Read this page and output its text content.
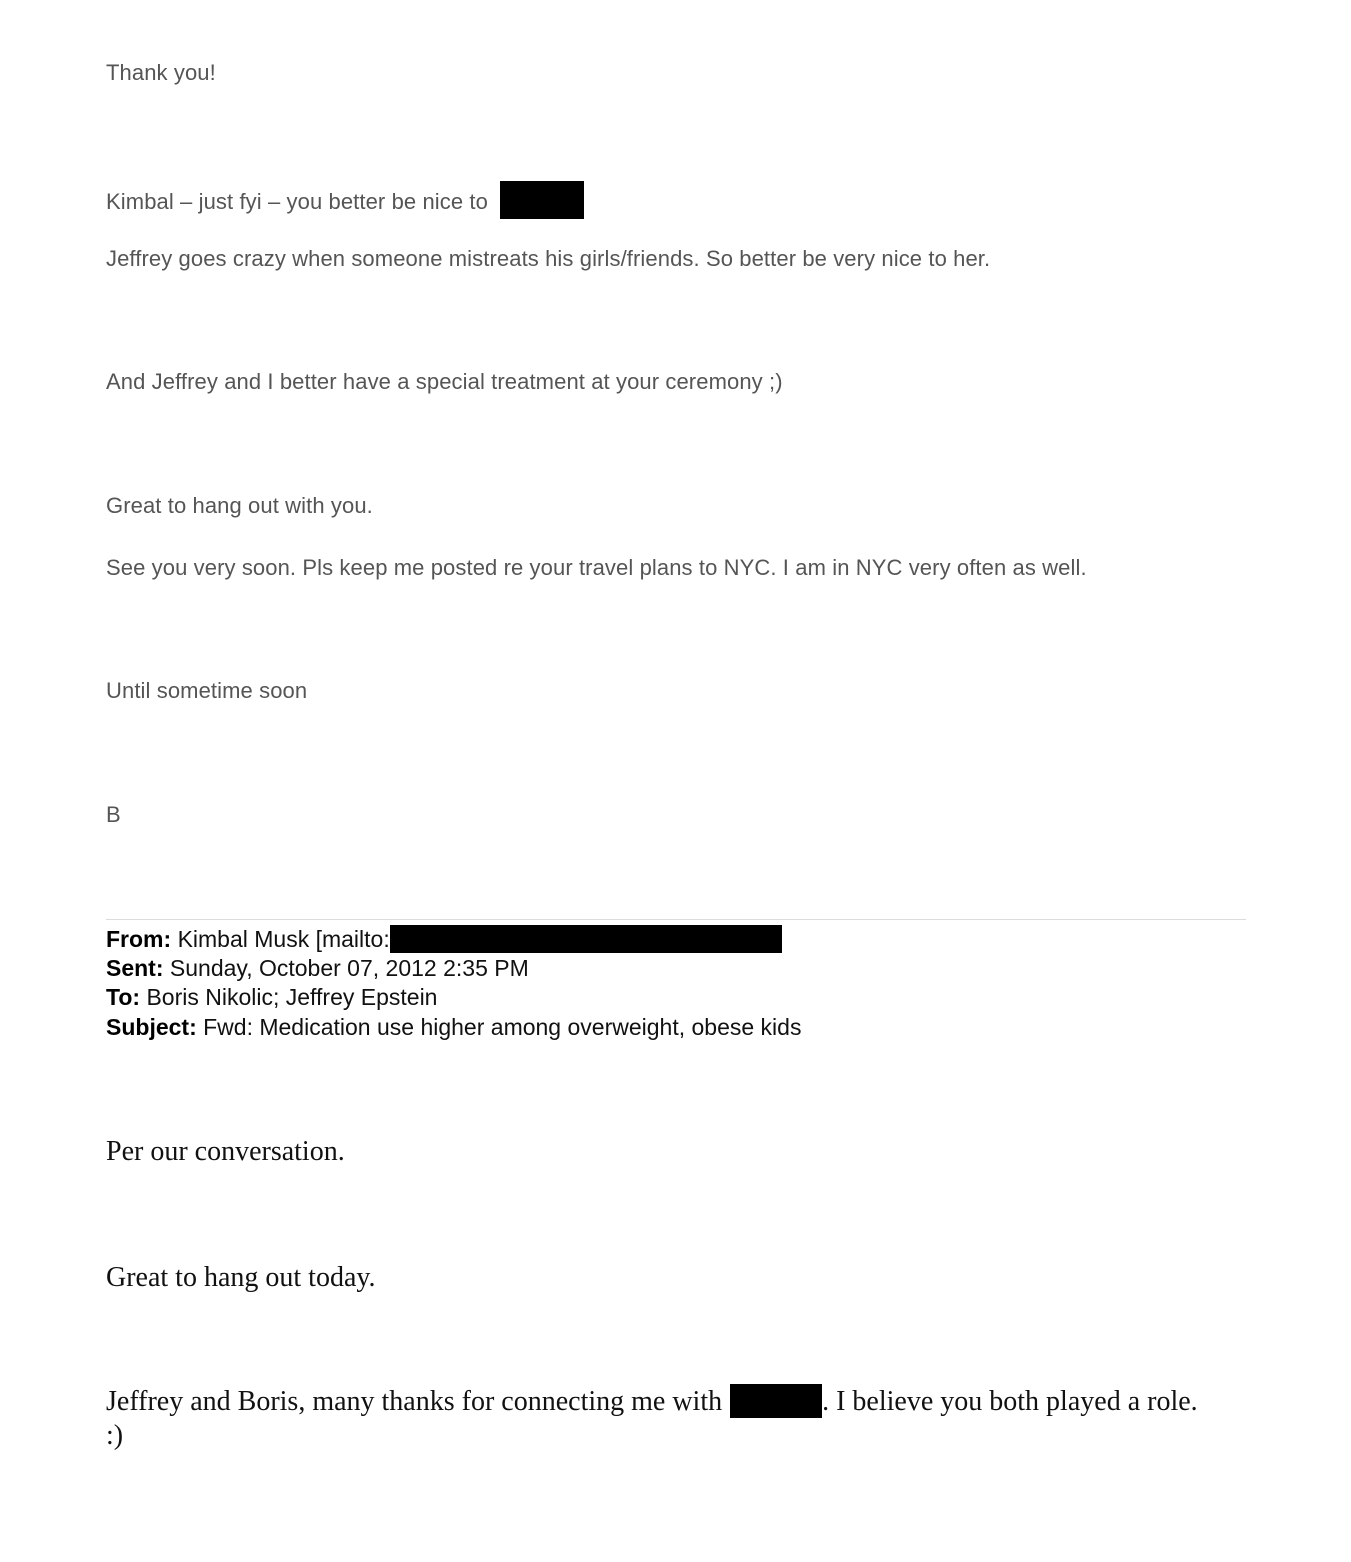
Thank you!
Kimbal – just fyi – you better be nice to
Jeffrey goes crazy when someone mistreats his girls/friends. So better be very nice to her.
And Jeffrey and I better have a special treatment at your ceremony ;)
Great to hang out with you.
See you very soon. Pls keep me posted re your travel plans to NYC. I am in NYC very often as well.
Until sometime soon
B
From: Kimbal Musk [mailto:
Sent: Sunday, October 07, 2012 2:35 PM
To: Boris Nikolic; Jeffrey Epstein
Subject: Fwd: Medication use higher among overweight, obese kids
Per our conversation.
Great to hang out today.
Jeffrey and Boris, many thanks for connecting me with	. I believe you both played a role.
:)
